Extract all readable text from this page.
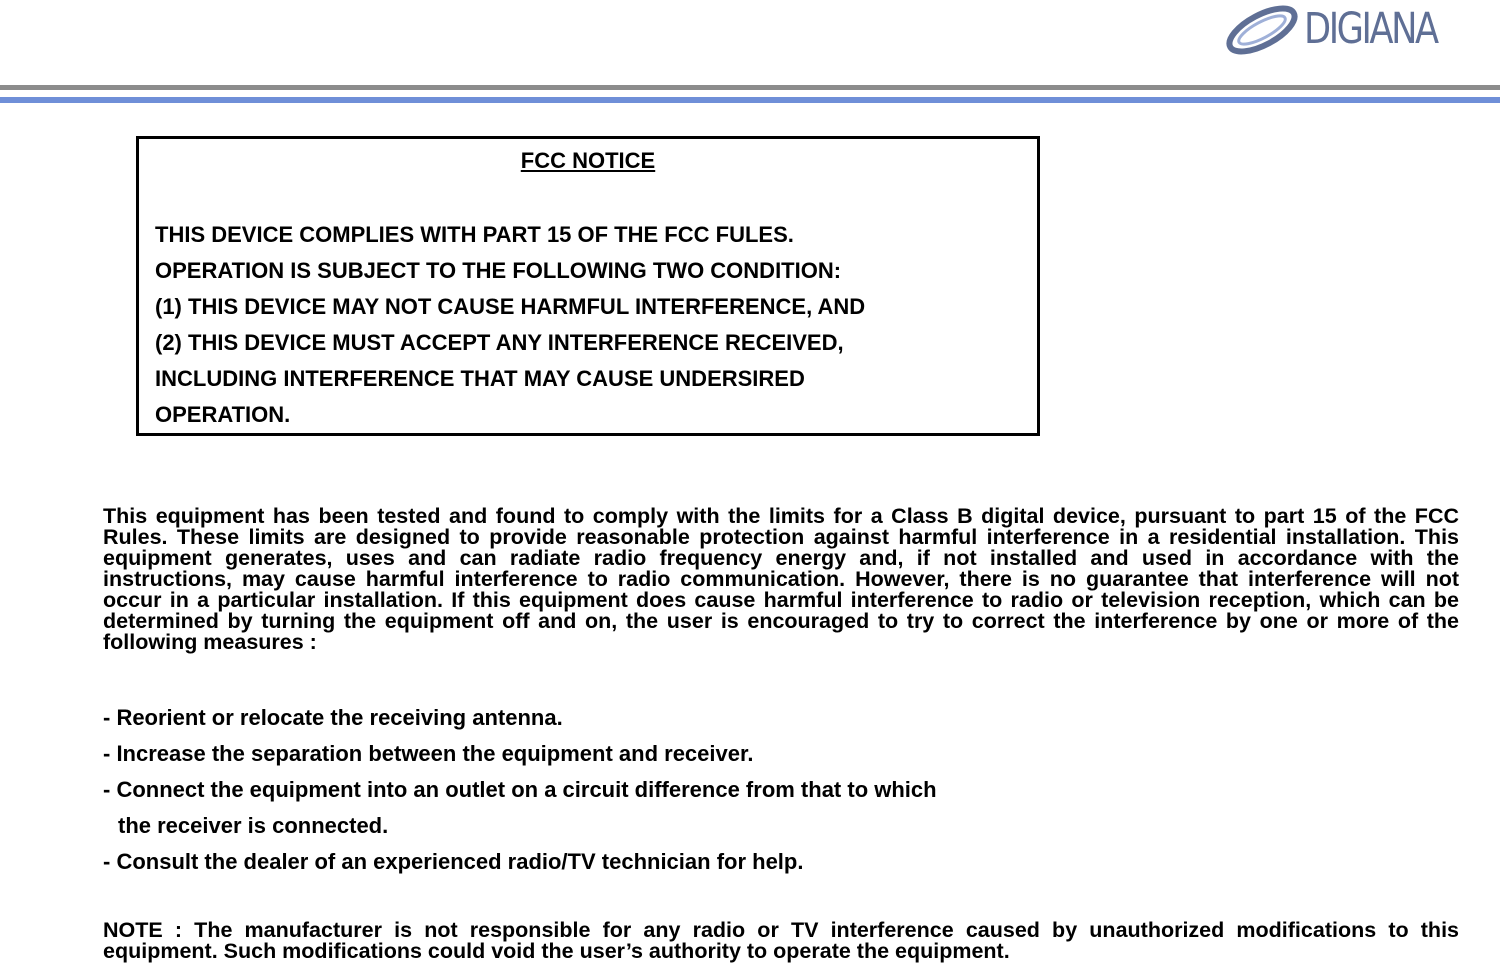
DIGIANA
FCC NOTICE
THIS DEVICE COMPLIES WITH PART 15 OF THE FCC FULES.
OPERATION IS SUBJECT TO THE FOLLOWING TWO CONDITION:
(1) THIS DEVICE MAY NOT CAUSE HARMFUL INTERFERENCE, AND
(2) THIS DEVICE MUST ACCEPT ANY INTERFERENCE RECEIVED,
INCLUDING INTERFERENCE THAT MAY CAUSE UNDERSIRED
OPERATION.
This equipment has been tested and found to comply with the limits for a Class B digital device, pursuant to part 15 of the FCC Rules. These limits are designed to provide reasonable protection against harmful interference in a residential installation. This equipment generates, uses and can radiate radio frequency energy and, if not installed and used in accordance with the instructions, may cause harmful interference to radio communication. However, there is no guarantee that interference will not occur in a particular installation. If this equipment does cause harmful interference to radio or television reception, which can be determined by turning the equipment off and on, the user is encouraged to try to correct the interference by one or more of the following measures :
- Reorient or relocate the receiving antenna.
- Increase the separation between the equipment and receiver.
- Connect the equipment into an outlet on a circuit difference from that to which
the receiver is connected.
- Consult the dealer of an experienced radio/TV technician for help.
NOTE : The manufacturer is not responsible for any radio or TV interference caused by unauthorized modifications to this equipment. Such modifications could void the user’s authority to operate the equipment.
